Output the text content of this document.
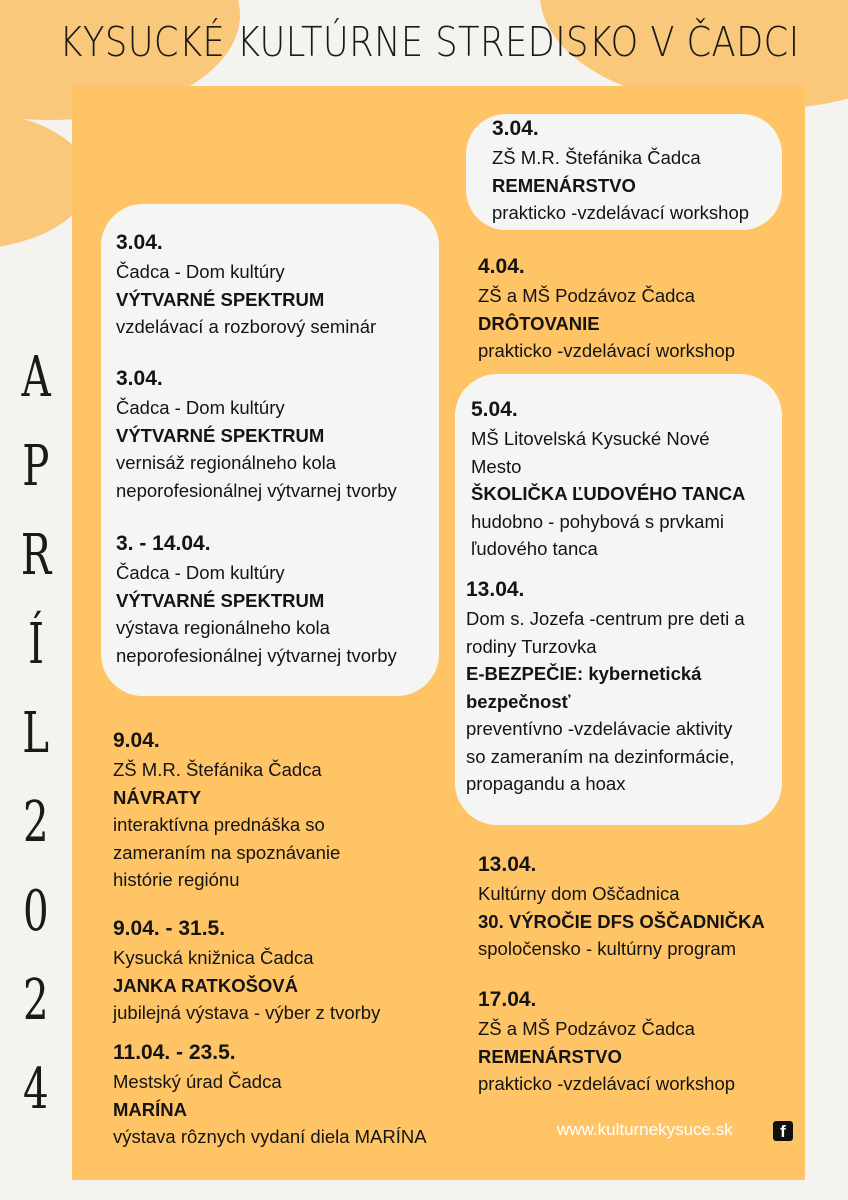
KYSUCKÉ KULTÚRNE STREDISKO V ČADCI
A
P
R
Í
L
2
0
2
4
3.04.
ZŠ M.R. Štefánika Čadca
REMENÁRSTVO
prakticko -vzdelávací workshop
3.04.
Čadca - Dom kultúry
VÝTVARNÉ SPEKTRUM
vzdelávací a rozborový seminár
4.04.
ZŠ a MŠ Podzávoz Čadca
DRÔTOVANIE
prakticko -vzdelávací workshop
3.04.
Čadca - Dom kultúry
VÝTVARNÉ SPEKTRUM
vernisáž regionálneho kola
neporofesionálnej výtvarnej tvorby
5.04.
MŠ Litovelská Kysucké Nové
Mesto
ŠKOLIČKA ĽUDOVÉHO TANCA
hudobno - pohybová s prvkami
ľudového tanca
3. - 14.04.
Čadca - Dom kultúry
VÝTVARNÉ SPEKTRUM
výstava regionálneho kola
neporofesionálnej výtvarnej tvorby
13.04.
Dom s. Jozefa -centrum pre deti a
rodiny Turzovka
E-BEZPEČIE: kybernetická
bezpečnosť
preventívno -vzdelávacie aktivity
so zameraním na dezinformácie,
propagandu a hoax
9.04.
ZŠ M.R. Štefánika Čadca
NÁVRATY
interaktívna prednáška so
zameraním na spoznávanie
histórie regiónu
13.04.
Kultúrny dom Oščadnica
30. VÝROČIE DFS OŠČADNIČKA
spoločensko - kultúrny program
9.04. - 31.5.
Kysucká knižnica Čadca
JANKA RATKOŠOVÁ
jubilejná výstava - výber z tvorby
17.04.
ZŠ a MŠ Podzávoz Čadca
REMENÁRSTVO
prakticko -vzdelávací workshop
11.04. - 23.5.
Mestský úrad Čadca
MARÍNA
výstava rôznych vydaní diela MARÍNA	www.kulturnekysuce.sk	f
